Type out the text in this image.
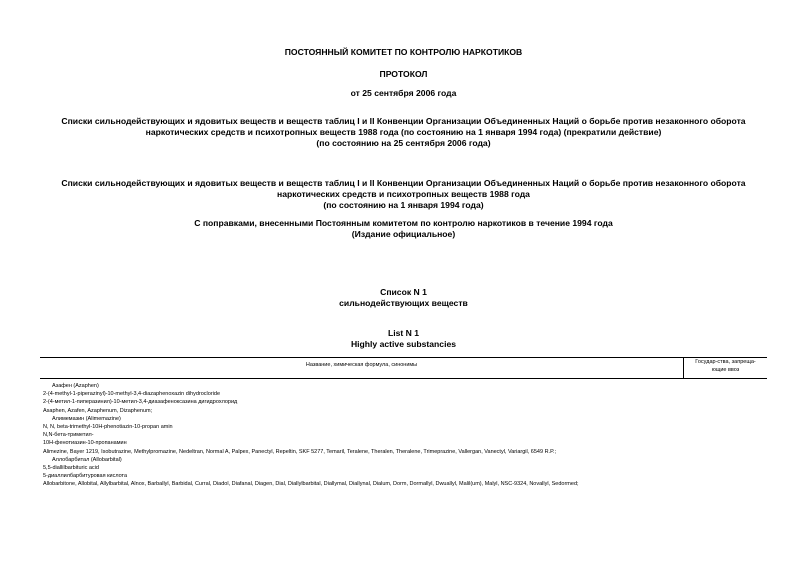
ПОСТОЯННЫЙ КОМИТЕТ ПО КОНТРОЛЮ НАРКОТИКОВ
ПРОТОКОЛ
от 25 сентября 2006 года
Списки сильнодействующих и ядовитых веществ и веществ таблиц I и II Конвенции Организации Объединенных Наций о борьбе против незаконного оборота
наркотических средств и психотропных веществ 1988 года (по состоянию на 1 января 1994 года) (прекратили действие)
(по состоянию на 25 сентября 2006 года)
Списки сильнодействующих и ядовитых веществ и веществ таблиц I и II Конвенции Организации Объединенных Наций о борьбе против незаконного оборота
наркотических средств и психотропных веществ 1988 года
(по состоянию на 1 января 1994 года)
С поправками, внесенными Постоянным комитетом по контролю наркотиков в течение 1994 года
(Издание официальное)
Список N 1
сильнодействующих веществ
List N 1
Highly active substancies
Название, химическая формула, синонимы	Государ-ства, запреща-
ющие ввоз
Азафен (Azaphen)
2-(4-methyl-1-piperazinyl)-10-methyl-3,4-diazaphenoxazin dihydrocloride
2-(4-метил-1-пиперазинил)-10-метил-3,4-диазафеноксазина дигидрохлорид
Asaphen, Azafen, Azaphenum, Dizaphenum;
Алимемазин (Alimemazine)
N, N, beta-trimethyl-10H-phenotiazin-10-propan amin
N,N-бета-триметил-
10H-фенотиазин-10-пропанамин
Alimezine, Bayer 1219, Isobutrazine, Methylpromazine, Nedeltran, Normal A, Palpex, Panectyl, Repeltin, SKF 5277, Temaril, Teralene, Theralen, Theralene, Trimeprazine, Vallergan, Vanectyl, Variargil, 6549 R.P.;
Аллобарбитал (Allobarbital)
5,5-diallilbarbituric acid
5-диаллилбарбитуровая кислота
Allobarbitone, Allobital, Allylbarbital, Alnox, Barballyl, Barbidal, Curral, Diadol, Diafanal, Diagen, Dial, Diallylbarbital, Diallymal, Diallynal, Dialum, Dorm, Dormallyl, Dwuallyl, Malil(um), Malyl, NSC-9324, Novallyl, Sedormed;
